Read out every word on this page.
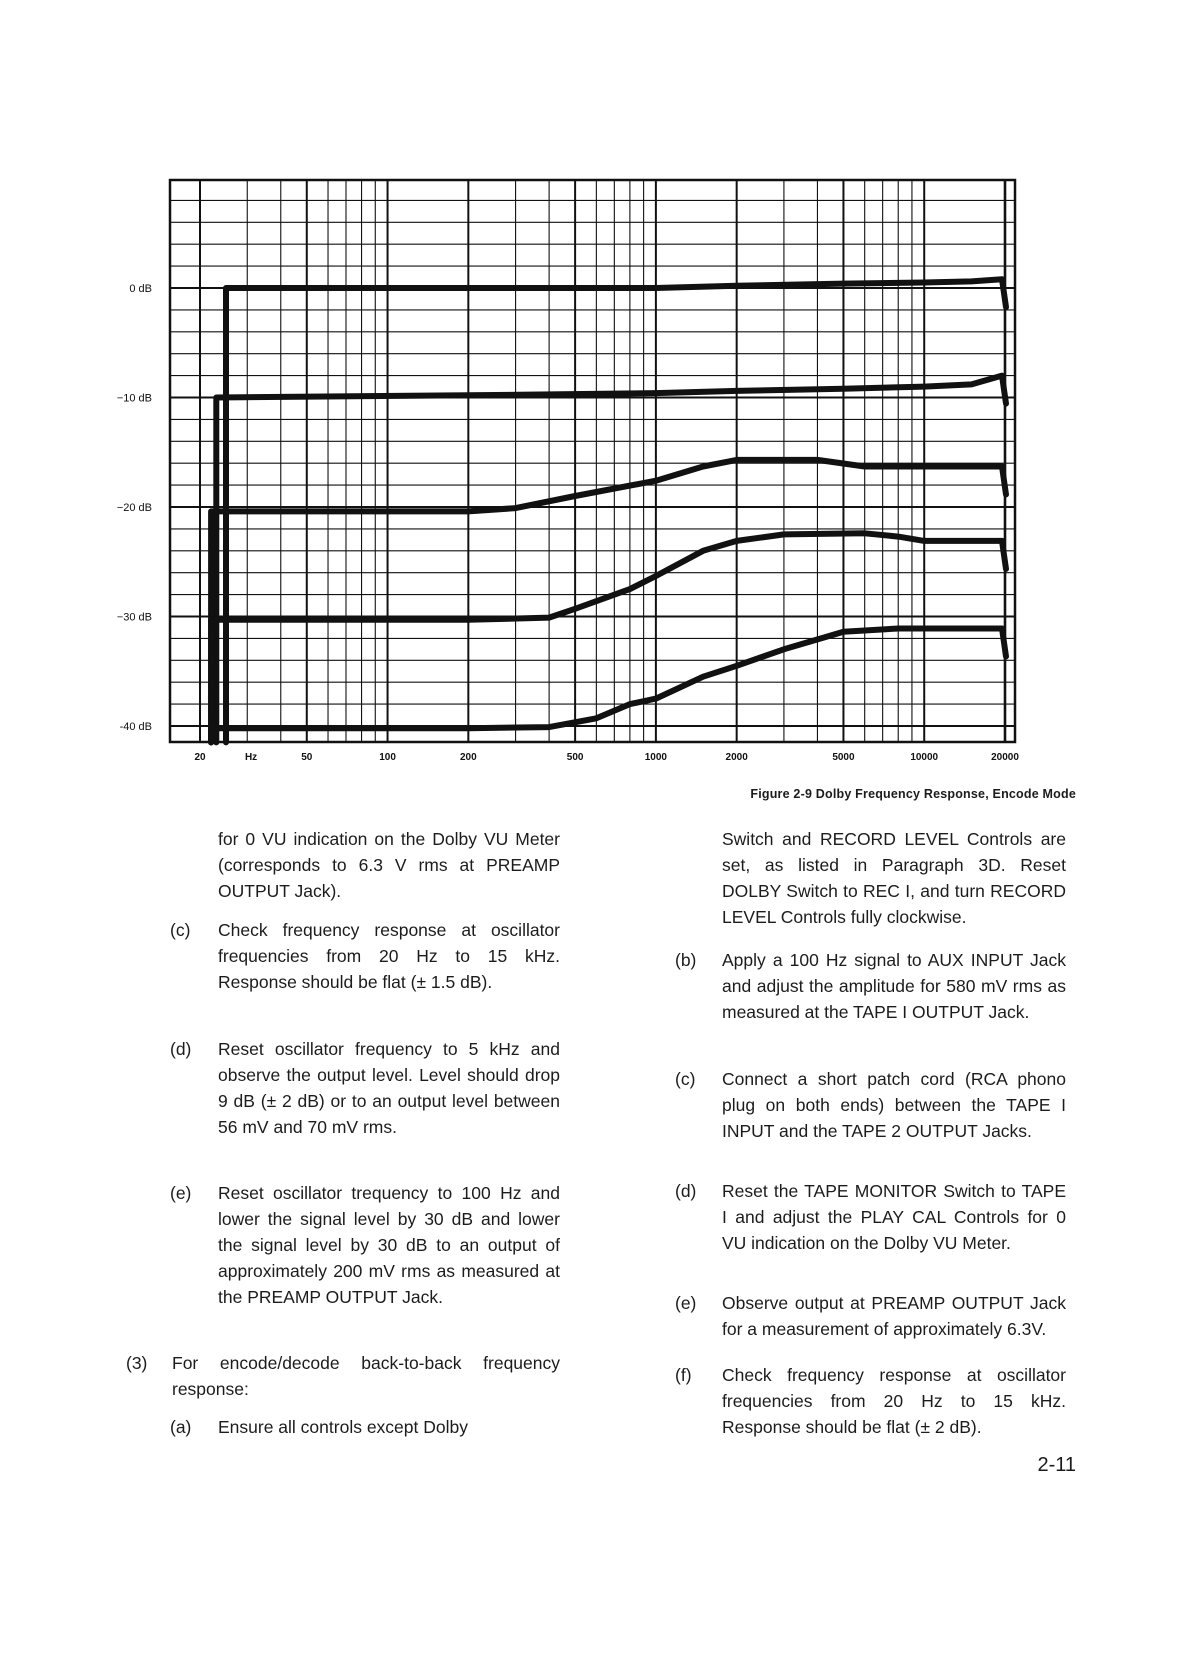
0 dB
−10 dB
−20 dB
−30 dB
-40 dB
20	Hz	50	100	200	500	1000	2000	5000	10000	20000
Figure 2-9 Dolby Frequency Response, Encode Mode
for 0 VU indication on the Dolby VU Meter (corresponds to 6.3 V rms at PREAMP OUTPUT Jack).
(c) Check frequency response at oscillator frequencies from 20 Hz to 15 kHz. Response should be flat (± 1.5 dB).
(d) Reset oscillator frequency to 5 kHz and observe the output level. Level should drop 9 dB (± 2 dB) or to an output level between 56 mV and 70 mV rms.
(e) Reset oscillator trequency to 100 Hz and lower the signal level by 30 dB and lower the signal level by 30 dB to an output of approximately 200 mV rms as measured at the PREAMP OUTPUT Jack.
(3) For encode/decode back-to-back frequency response:
(a) Ensure all controls except Dolby
Switch and RECORD LEVEL Controls are set, as listed in Paragraph 3D. Reset DOLBY Switch to REC I, and turn RECORD LEVEL Controls fully clockwise.
(b) Apply a 100 Hz signal to AUX INPUT Jack and adjust the amplitude for 580 mV rms as measured at the TAPE I OUTPUT Jack.
(c) Connect a short patch cord (RCA phono plug on both ends) between the TAPE I INPUT and the TAPE 2 OUTPUT Jacks.
(d) Reset the TAPE MONITOR Switch to TAPE I and adjust the PLAY CAL Controls for 0 VU indication on the Dolby VU Meter.
(e) Observe output at PREAMP OUTPUT Jack for a measurement of approximately 6.3V.
(f) Check frequency response at oscillator frequencies from 20 Hz to 15 kHz. Response should be flat (± 2 dB).
2-11
